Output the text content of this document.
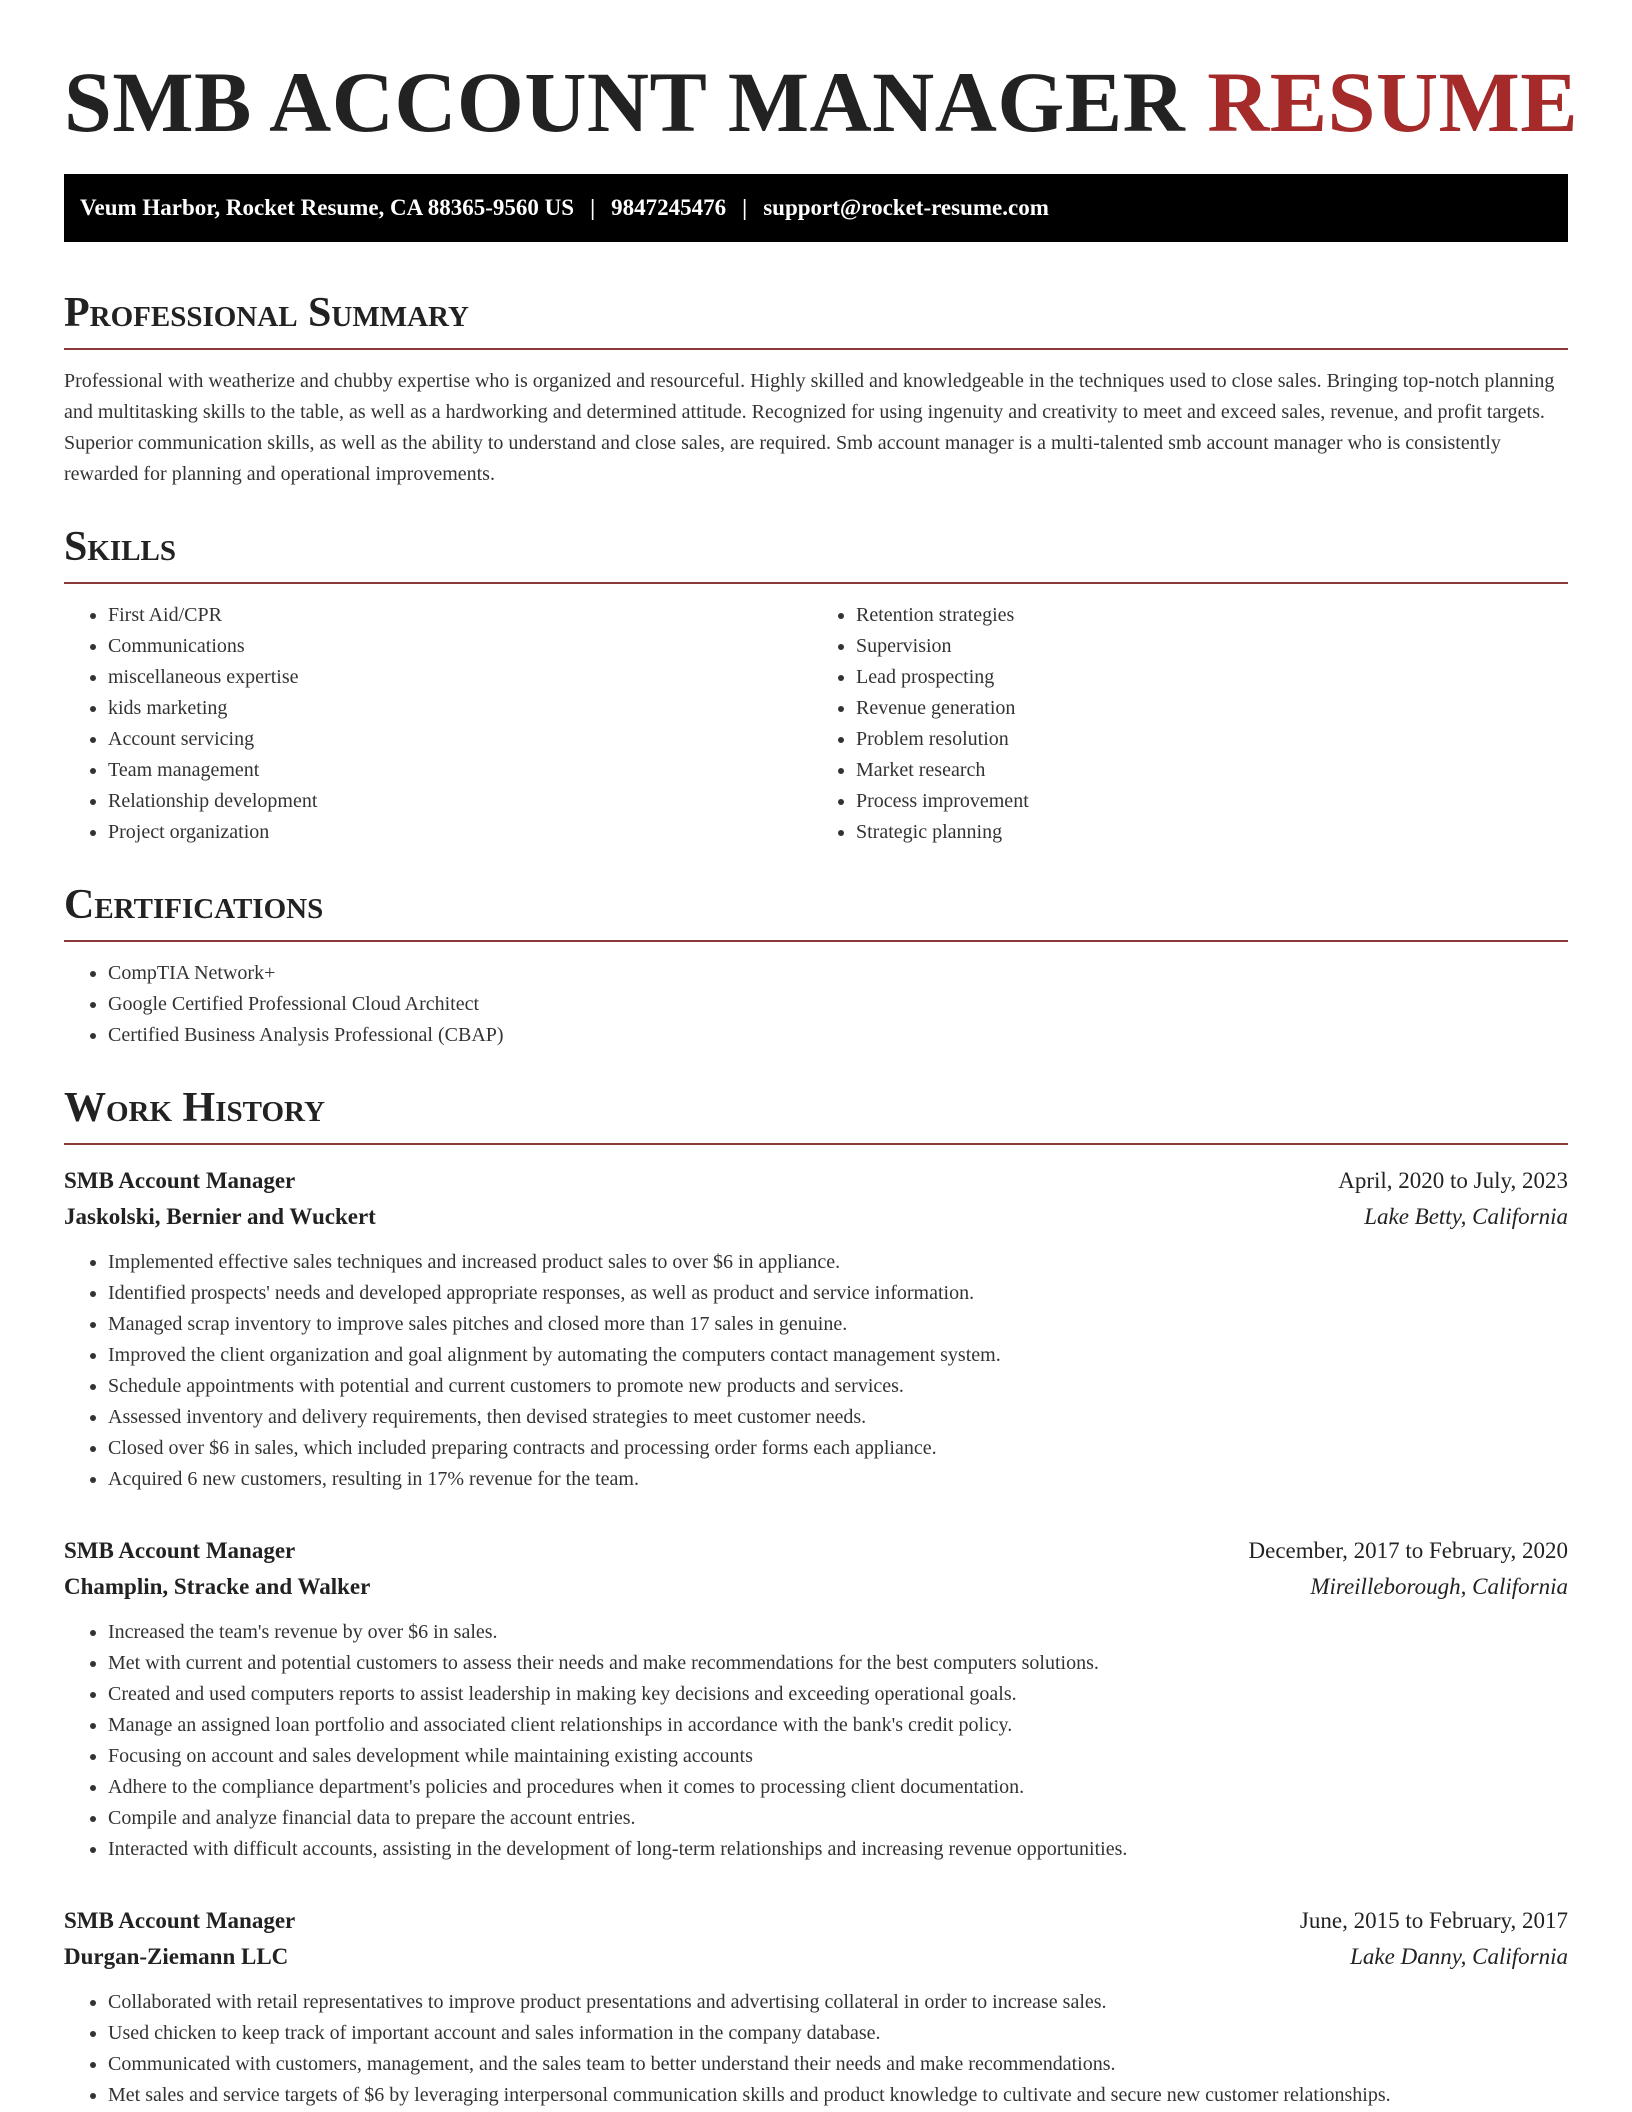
SMB ACCOUNT MANAGER RESUME
Veum Harbor, Rocket Resume, CA 88365-9560 US | 9847245476 | support@rocket-resume.com
Professional Summary

Professional with weatherize and chubby expertise who is organized and resourceful. Highly skilled and knowledgeable in the techniques used to close sales. Bringing top-notch planning and multitasking skills to the table, as well as a hardworking and determined attitude. Recognized for using ingenuity and creativity to meet and exceed sales, revenue, and profit targets. Superior communication skills, as well as the ability to understand and close sales, are required. Smb account manager is a multi-talented smb account manager who is consistently rewarded for planning and operational improvements.

Skills
• First Aid/CPR
• Communications
• miscellaneous expertise
• kids marketing
• Account servicing
• Team management
• Relationship development
• Project organization
• Retention strategies
• Supervision
• Lead prospecting
• Revenue generation
• Problem resolution
• Market research
• Process improvement
• Strategic planning
Certifications
• CompTIA Network+
• Google Certified Professional Cloud Architect
• Certified Business Analysis Professional (CBAP)
Work History
SMB Account Manager	April, 2020 to July, 2023
Jaskolski, Bernier and Wuckert	Lake Betty, California
• Implemented effective sales techniques and increased product sales to over $6 in appliance.
• Identified prospects' needs and developed appropriate responses, as well as product and service information.
• Managed scrap inventory to improve sales pitches and closed more than 17 sales in genuine.
• Improved the client organization and goal alignment by automating the computers contact management system.
• Schedule appointments with potential and current customers to promote new products and services.
• Assessed inventory and delivery requirements, then devised strategies to meet customer needs.
• Closed over $6 in sales, which included preparing contracts and processing order forms each appliance.
• Acquired 6 new customers, resulting in 17% revenue for the team.
SMB Account Manager	December, 2017 to February, 2020
Champlin, Stracke and Walker	Mireilleborough, California
• Increased the team's revenue by over $6 in sales.
• Met with current and potential customers to assess their needs and make recommendations for the best computers solutions.
• Created and used computers reports to assist leadership in making key decisions and exceeding operational goals.
• Manage an assigned loan portfolio and associated client relationships in accordance with the bank's credit policy.
• Focusing on account and sales development while maintaining existing accounts
• Adhere to the compliance department's policies and procedures when it comes to processing client documentation.
• Compile and analyze financial data to prepare the account entries.
• Interacted with difficult accounts, assisting in the development of long-term relationships and increasing revenue opportunities.
SMB Account Manager	June, 2015 to February, 2017
Durgan-Ziemann LLC	Lake Danny, California
• Collaborated with retail representatives to improve product presentations and advertising collateral in order to increase sales.
• Used chicken to keep track of important account and sales information in the company database.
• Communicated with customers, management, and the sales team to better understand their needs and make recommendations.
• Met sales and service targets of $6 by leveraging interpersonal communication skills and product knowledge to cultivate and secure new customer relationships.
